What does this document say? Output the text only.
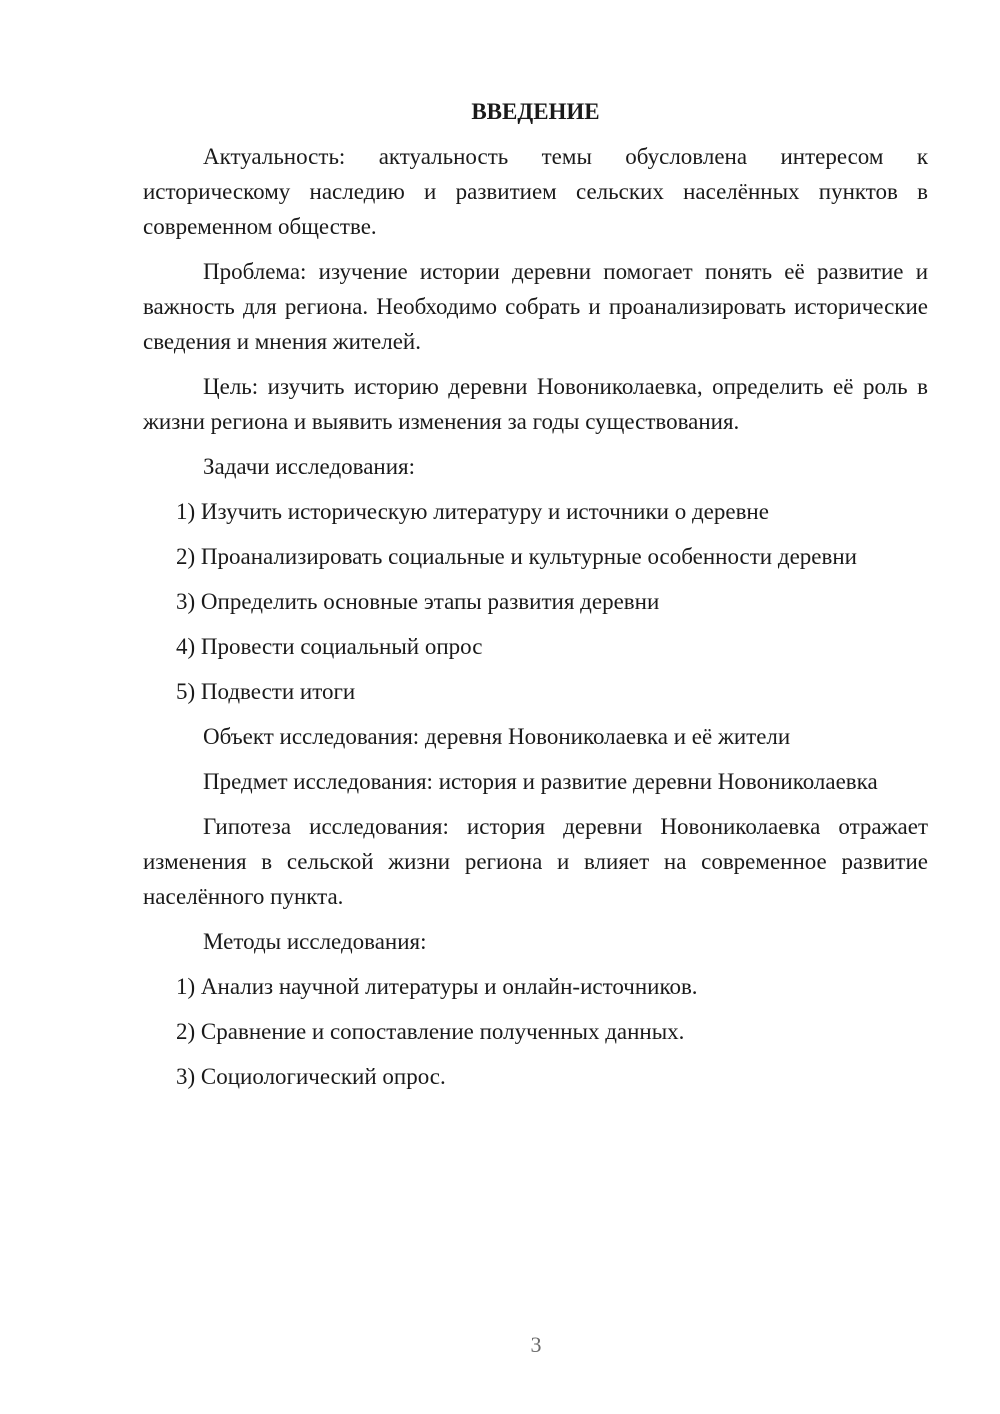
ВВЕДЕНИЕ

Актуальность: актуальность темы обусловлена интересом к историческому наследию и развитием сельских населённых пунктов в современном обществе.

Проблема: изучение истории деревни помогает понять её развитие и важность для региона. Необходимо собрать и проанализировать исторические сведения и мнения жителей.

Цель: изучить историю деревни Новониколаевка, определить её роль в жизни региона и выявить изменения за годы существования.

Задачи исследования:
1) Изучить историческую литературу и источники о деревне
2) Проанализировать социальные и культурные особенности деревни
3) Определить основные этапы развития деревни
4) Провести социальный опрос
5) Подвести итоги
Объект исследования: деревня Новониколаевка и её жители

Предмет исследования: история и развитие деревни Новониколаевка

Гипотеза исследования: история деревни Новониколаевка отражает изменения в сельской жизни региона и влияет на современное развитие населённого пункта.

Методы исследования:
1) Анализ научной литературы и онлайн-источников.
2) Сравнение и сопоставление полученных данных.
3) Социологический опрос.
3
